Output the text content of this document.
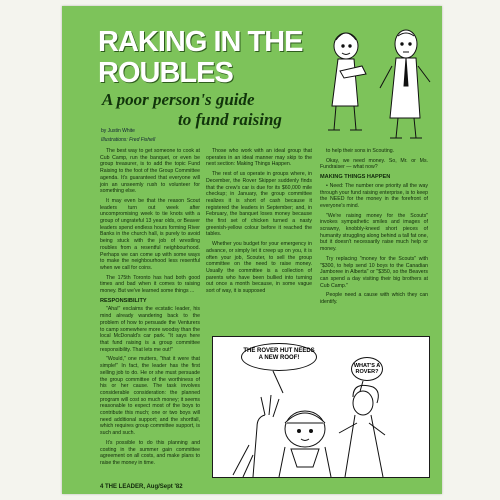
RAKING IN THE
ROUBLES
A poor person's guide
to fund raising
by Justin White
Illustrations: Fred Fishell

The best way to get someone to cook at Cub Camp, run the banquet, or even be group treasurer, is to add the topic Fund Raising to the foot of the Group Committee agenda. It's guaranteed that everyone will join an unseemly rush to volunteer for something else.

It may even be that the reason Scout leaders turn out week after uncompromising week to tie knots with a group of ungrateful 13 year olds, or Beaver leaders spend endless hours forming River Banks in the church hall, is purely to avoid being stuck with the job of wrestling roubles from a resentful neighbourhood. Perhaps we can come up with some ways to make the neighbourhood less resentful when we call for coins.

The 175th Toronto has had both good times and bad when it comes to raising money. But we've learned some things ...

RESPONSIBILITY

"Aha!" exclaims the ecstatic leader, his mind already wandering back to the problem of how to persuade the Venturers to camp somewhere more woodsy than the local McDonald's car park. "It says here that fund raising is a group committee responsibility. That lets me out!"

"Would," one mutters, "that it were that simple!" In fact, the leader has the first selling job to do. He or she must persuade the group committee of the worthiness of his or her cause. The task involves considerable consideration: the planned program will cost so much money; it seems reasonable to expect most of the boys to contribute this much; one or two boys will need additional support; and the shortfall, which requires group committee support, is such and such.

It's possible to do this planning and costing in the summer gain committee agreement on all costs, and make plans to raise the money in time.

Those who work with an ideal group that operates in an ideal manner may skip to the next section: Making Things Happen.

The rest of us operate in groups where, in December, the Rover Skipper suddenly finds that the crew's car is due for its $60,000 mile checkup; in January, the group committee realizes it is short of cash because it registered the leaders in September; and, in February, the banquet loses money because the first set of chicken turned a nasty greenish-yellow colour before it reached the tables.

Whether you budget for your emergency in advance, or simply let it creep up on you, it is often your job, Scouter, to sell the group committee on the need to raise money. Usually the committee is a collection of parents who have been bullied into turning out once a month because, in some vague sort of way, it is supposed

to help their sons in Scouting.

Okay, we need money. So, Mr. or Ms. Fundraiser — what now?

MAKING THINGS HAPPEN

• Need: The number one priority all the way through your fund raising enterprise, is to keep the NEED for the money in the forefront of everyone's mind.

"We're raising money for the Scouts" invokes sympathetic smiles and images of scrawny, knobbly-kneed short pieces of humanity struggling along behind a tall fat one, but it doesn't necessarily raise much help or money.

Try replacing "money for the Scouts" with "$300, to help send 10 boys to the Canadian Jamboree in Alberta" or "$350, so the Beavers can spend a day visiting their big brothers at Cub Camp."

People need a cause with which they can identify.

THE ROVER HUT NEEDS A NEW ROOF!
WHAT'S A ROVER?
4 THE LEADER, Aug/Sept '82
